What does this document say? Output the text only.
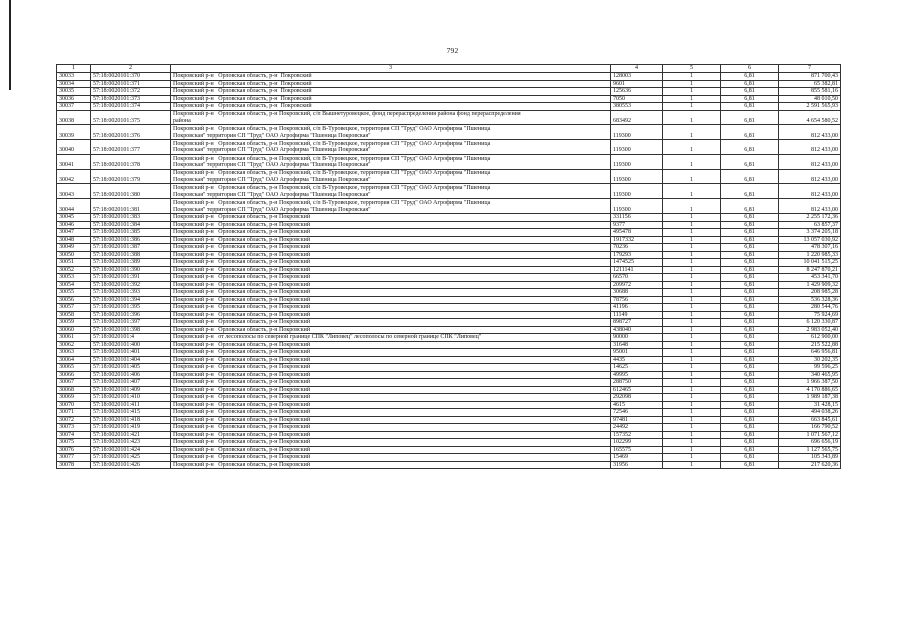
792
1	2	3	4	5	6	7
30033	57:18:0020101:370	Покровский р-н   Орловская область, р-н  Покровский	128003	1	6,81	871 700,43
30034	57:18:0020101:371	Покровский р-н   Орловская область, р-н  Покровский	9601	1	6,81	65 382,81
30035	57:18:0020101:372	Покровский р-н   Орловская область, р-н  Покровский	125636	1	6,81	855 581,16
30036	57:18:0020101:373	Покровский р-н   Орловская область, р-н  Покровский	7050	1	6,81	48 010,50
30037	57:18:0020101:374	Покровский р-н   Орловская область, р-н  Покровский	380553	1	6,81	2 591 565,93
30038	57:18:0020101:375	Покровский р-н   Орловская область, р-н Покровский, с/п Вышнетуровецкое, фонд перераспределения района фонд перераспределения
района	683492	1	6,81	4 654 580,52
30039	57:18:0020101:376	Покровский р-н   Орловская область, р-н Покровский, с/п В-Туровецкое, территория СП "Труд" ОАО Агрофирма "Пшеница
Покровская" территория СП "Труд" ОАО Агрофирма "Пшеница Покровская"	119300	1	6,81	812 433,00
30040	57:18:0020101:377	Покровский р-н   Орловская область, р-н Покровский, с/п В-Туровецкое, территория СП "Труд" ОАО Агрофирма "Пшеница
Покровская" территория СП "Труд" ОАО Агрофирма "Пшеница Покровская"	119300	1	6,81	812 433,00
30041	57:18:0020101:378	Покровский р-н   Орловская область, р-н Покровский, с/п В-Туровецкое, территория СП "Труд" ОАО Агрофирма "Пшеница
Покровская" территория СП "Труд" ОАО Агрофирма "Пшеница Покровская"	119300	1	6,81	812 433,00
30042	57:18:0020101:379	Покровский р-н   Орловская область, р-н Покровский, с/п В-Туровецкое, территория СП "Труд" ОАО Агрофирма "Пшеница
Покровская" территория СП "Труд" ОАО Агрофирма "Пшеница Покровская"	119300	1	6,81	812 433,00
30043	57:18:0020101:380	Покровский р-н   Орловская область, р-н Покровский, с/п В-Туровецкое, территория СП "Труд" ОАО Агрофирма "Пшеница
Покровская" территория СП "Труд" ОАО Агрофирма "Пшеница Покровская"	119300	1	6,81	812 433,00
30044	57:18:0020101:381	Покровский р-н   Орловская область, р-н Покровский, с/п В-Туровецкое, территория СП "Труд" ОАО Агрофирма "Пшеница
Покровская" территория СП "Труд" ОАО Агрофирма "Пшеница Покровская"	119300	1	6,81	812 433,00
30045	57:18:0020101:383	Покровский р-н   Орловская область, р-н Покровский	331156	1	6,81	2 255 172,36
30046	57:18:0020101:384	Покровский р-н   Орловская область, р-н Покровский	9377	1	6,81	63 857,37
30047	57:18:0020101:385	Покровский р-н   Орловская область, р-н Покровский	495478	1	6,81	3 374 205,18
30048	57:18:0020101:386	Покровский р-н   Орловская область, р-н Покровский	1917332	1	6,81	13 057 030,92
30049	57:18:0020101:387	Покровский р-н   Орловская область, р-н Покровский	70236	1	6,81	478 307,16
30050	57:18:0020101:388	Покровский р-н   Орловская область, р-н Покровский	179293	1	6,81	1 220 985,33
30051	57:18:0020101:389	Покровский р-н   Орловская область, р-н Покровский	1474525	1	6,81	10 041 515,25
30052	57:18:0020101:390	Покровский р-н   Орловская область, р-н Покровский	1211141	1	6,81	8 247 870,21
30053	57:18:0020101:391	Покровский р-н   Орловская область, р-н Покровский	66570	1	6,81	453 341,70
30054	57:18:0020101:392	Покровский р-н   Орловская область, р-н Покровский	209972	1	6,81	1 429 909,32
30055	57:18:0020101:393	Покровский р-н   Орловская область, р-н Покровский	30688	1	6,81	208 985,28
30056	57:18:0020101:394	Покровский р-н   Орловская область, р-н Покровский	78756	1	6,81	536 328,36
30057	57:18:0020101:395	Покровский р-н   Орловская область, р-н Покровский	41196	1	6,81	280 544,76
30058	57:18:0020101:396	Покровский р-н   Орловская область, р-н Покровский	11149	1	6,81	75 924,69
30059	57:18:0020101:397	Покровский р-н   Орловская область, р-н Покровский	898727	1	6,81	6 120 330,87
30060	57:18:0020101:398	Покровский р-н   Орловская область, р-н Покровский	438040	1	6,81	2 983 052,40
30061	57:18:0020101:4	Покровский р-н   от лесополосы по северной границе СПК "Липовец" лесополосы по северной границе СПК "Липовец"	90000	1	6,81	612 900,00
30062	57:18:0020101:400	Покровский р-н   Орловская область, р-н Покровский	31648	1	6,81	215 522,88
30063	57:18:0020101:401	Покровский р-н   Орловская область, р-н Покровский	95001	1	6,81	646 956,81
30064	57:18:0020101:404	Покровский р-н   Орловская область, р-н Покровский	4435	1	6,81	30 202,35
30065	57:18:0020101:405	Покровский р-н   Орловская область, р-н Покровский	14625	1	6,81	99 596,25
30066	57:18:0020101:406	Покровский р-н   Орловская область, р-н Покровский	49995	1	6,81	340 465,95
30067	57:18:0020101:407	Покровский р-н   Орловская область, р-н Покровский	288750	1	6,81	1 966 387,50
30068	57:18:0020101:409	Покровский р-н   Орловская область, р-н Покровский	612465	1	6,81	4 170 886,65
30069	57:18:0020101:410	Покровский р-н   Орловская область, р-н Покровский	292098	1	6,81	1 989 187,38
30070	57:18:0020101:411	Покровский р-н   Орловская область, р-н Покровский	4615	1	6,81	31 428,15
30071	57:18:0020101:415	Покровский р-н   Орловская область, р-н Покровский	72546	1	6,81	494 038,26
30072	57:18:0020101:418	Покровский р-н   Орловская область, р-н Покровский	97481	1	6,81	663 845,61
30073	57:18:0020101:419	Покровский р-н   Орловская область, р-н Покровский	24492	1	6,81	166 790,52
30074	57:18:0020101:421	Покровский р-н   Орловская область, р-н Покровский	157352	1	6,81	1 071 567,12
30075	57:18:0020101:423	Покровский р-н   Орловская область, р-н Покровский	102299	1	6,81	696 656,19
30076	57:18:0020101:424	Покровский р-н   Орловская область, р-н Покровский	165575	1	6,81	1 127 565,75
30077	57:18:0020101:425	Покровский р-н   Орловская область, р-н Покровский	15469	1	6,81	105 343,89
30078	57:18:0020101:426	Покровский р-н   Орловская область, р-н Покровский	31956	1	6,81	217 620,36
